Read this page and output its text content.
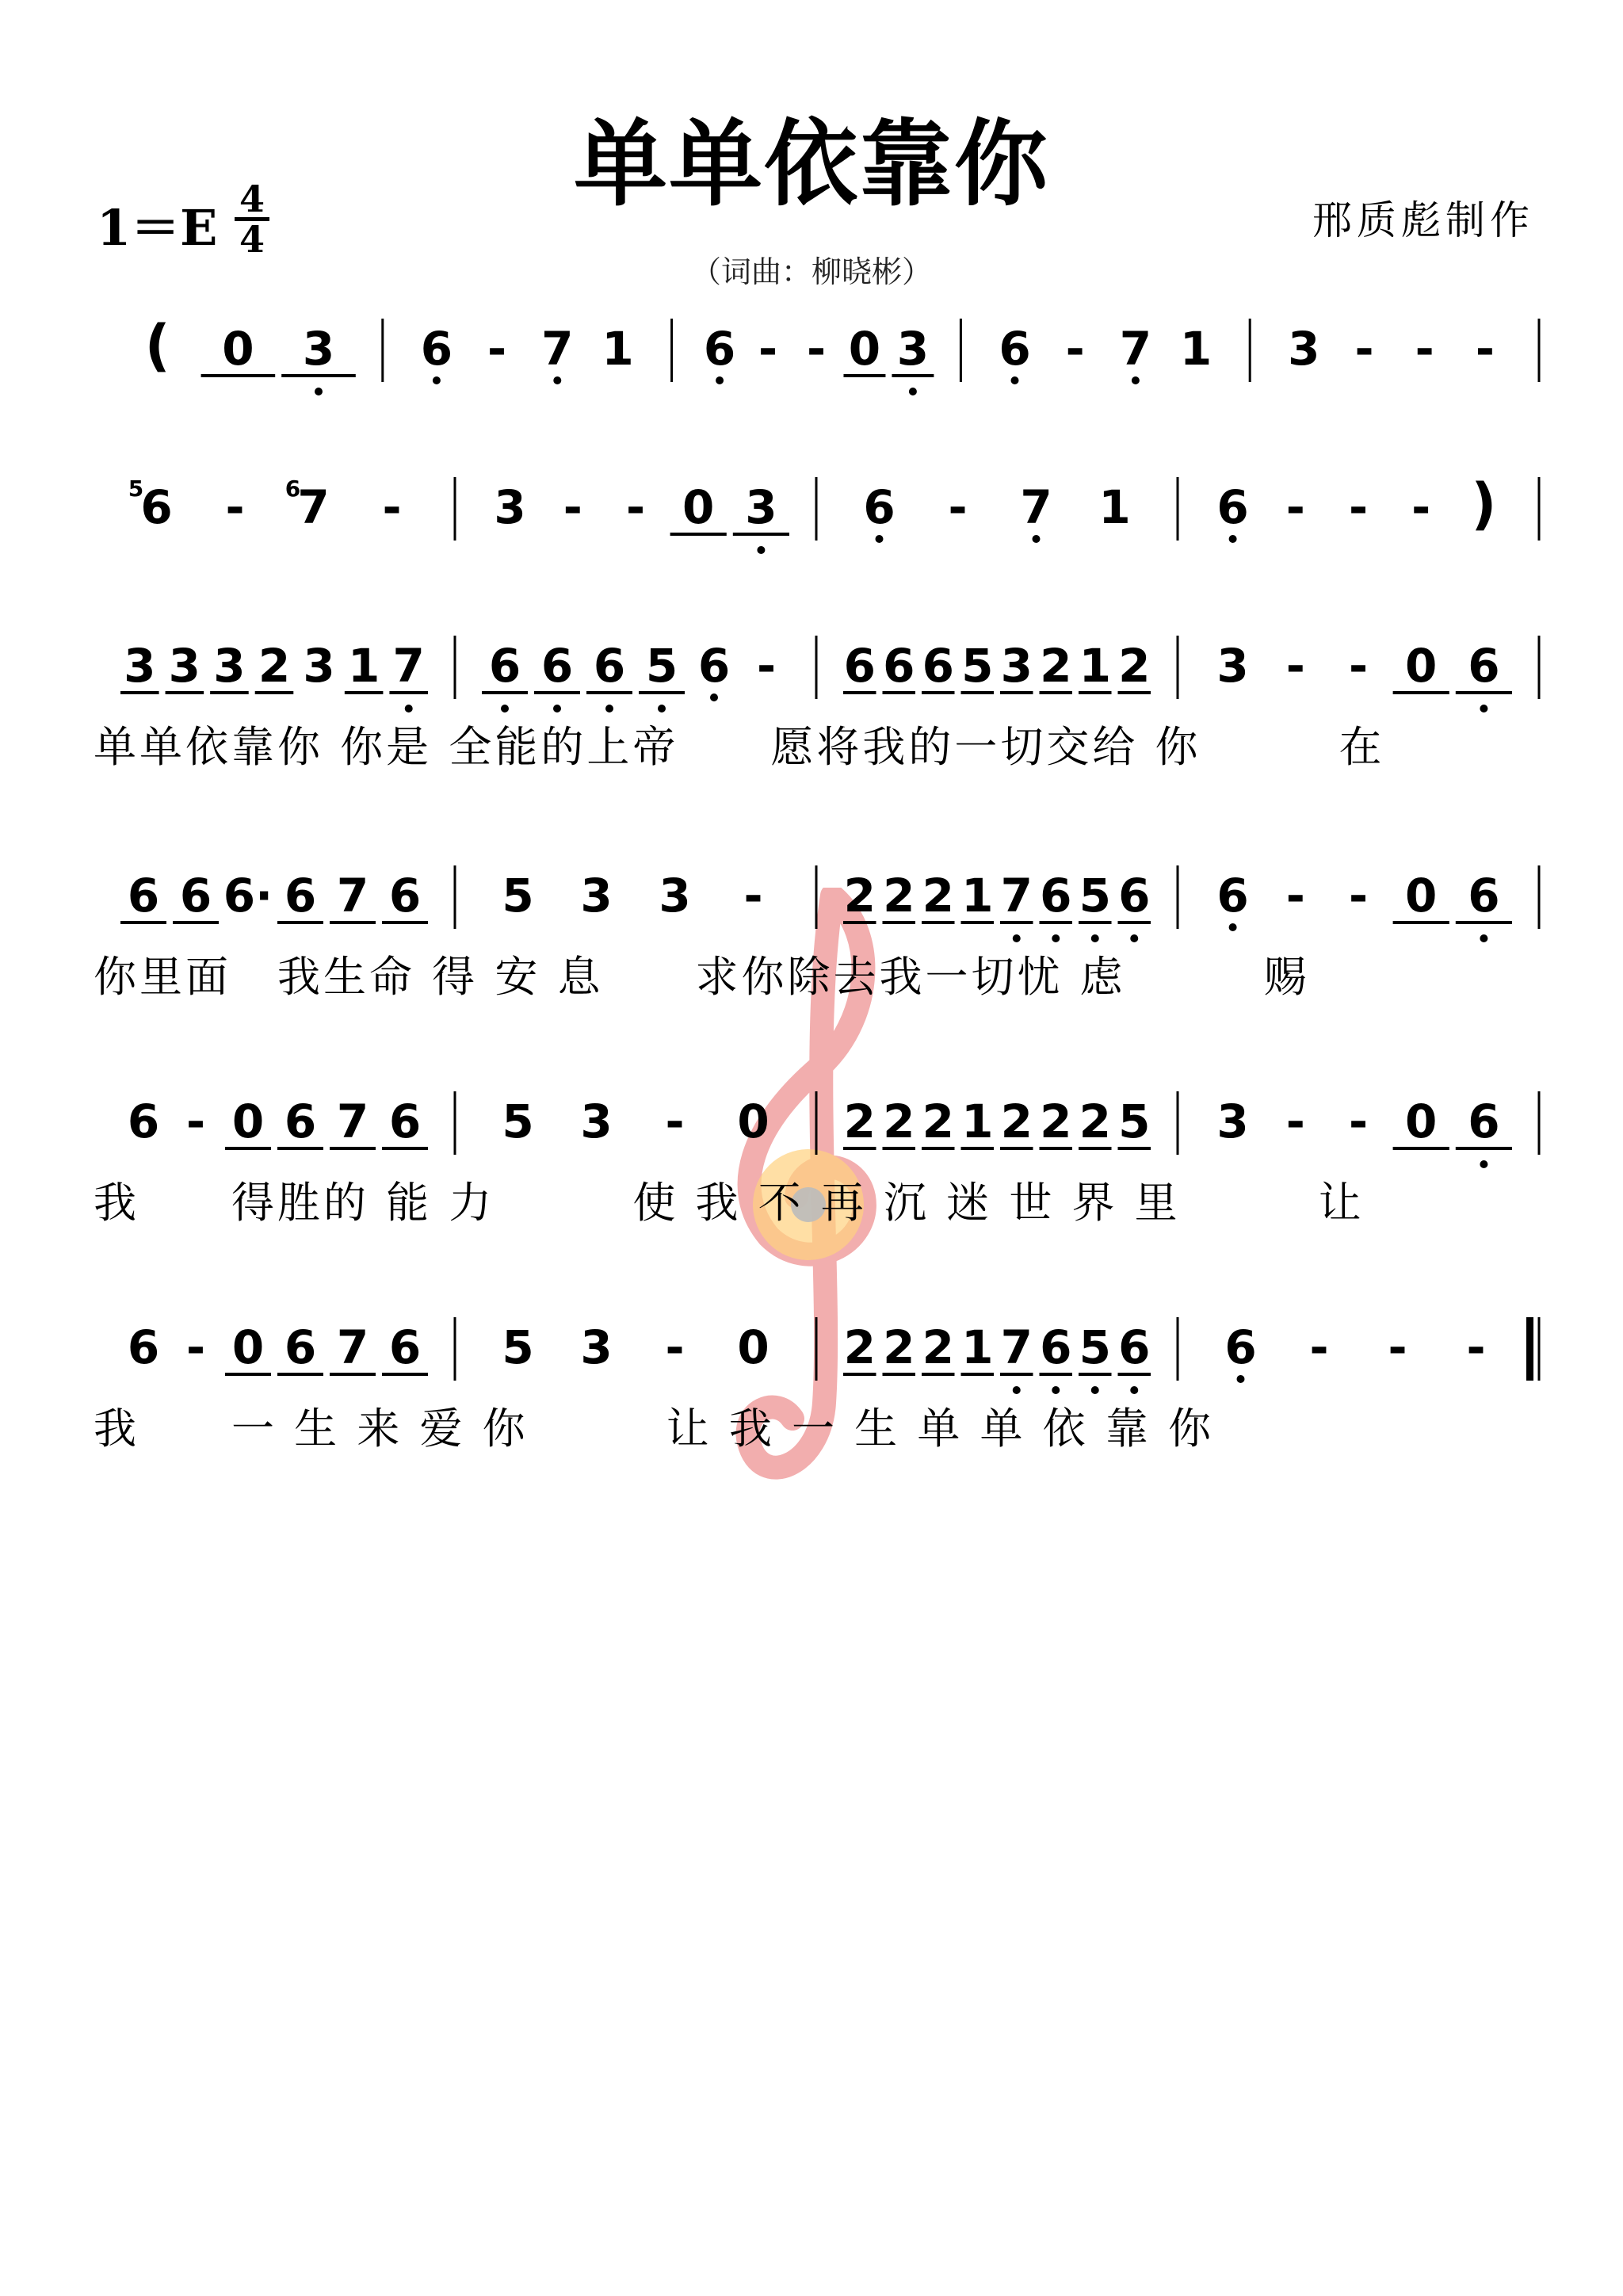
单单依靠你
1＝E 4
4	邢质彪制作
（词曲：柳晓彬）
( 0 3 6 - 7 1 6 - - 0 3 6 - 7 1 3 - - -
6
5 - 7
6 - 3 - - 0 3 6 - 7 1 6 - - - )
3 3 3 2 3 1 7 6 6 6 5 6 - 6 6 6 5 3 2 1 2 3 - - 0 6
单单依靠你 你是 全能的上帝　　愿将我的一切交给 你　　　在
6 6 6· 6 7 6 5 3 3 - 2 2 2 1 7 6 5 6 6 - - 0 6
你里面　我生命 得 安 息　　求你除去我一切忧 虑　　　赐
6 - 0 6 7 6 5 3 - 0 2 2 2 1 2 2 2 5 3 - - 0 6
我　　得胜的 能 力　　　使 我 不 再 沉 迷 世 界 里　　　让
6 - 0 6 7 6 5 3 - 0 2 2 2 1 7 6 5 6 6 - - -
我　　一 生 来 爱 你　　　让 我 一 生 单 单 依 靠 你
